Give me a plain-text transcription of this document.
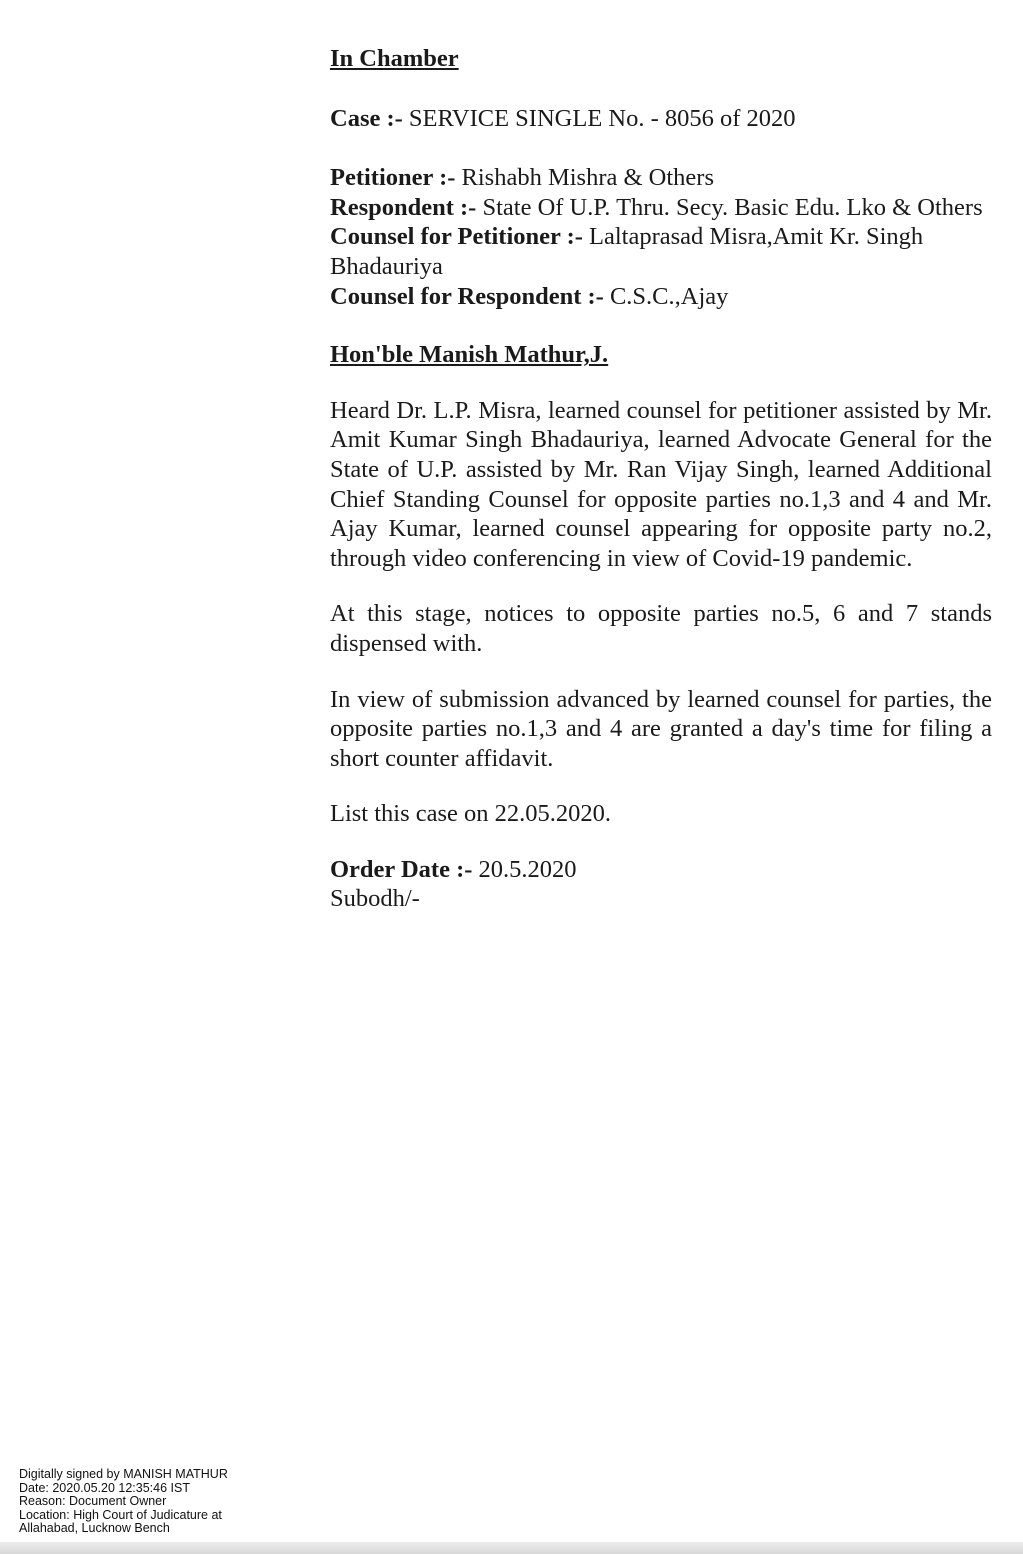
In Chamber

Case :- SERVICE SINGLE No. - 8056 of 2020

Petitioner :- Rishabh Mishra & Others

Respondent :- State Of U.P. Thru. Secy. Basic Edu. Lko & Others

Counsel for Petitioner :- Laltaprasad Misra,Amit Kr. Singh Bhadauriya

Counsel for Respondent :- C.S.C.,Ajay

Hon'ble Manish Mathur,J.

Heard Dr. L.P. Misra, learned counsel for petitioner assisted by Mr. Amit Kumar Singh Bhadauriya, learned Advocate General for the State of U.P. assisted by Mr. Ran Vijay Singh, learned Additional Chief Standing Counsel for opposite parties no.1,3 and 4 and Mr. Ajay Kumar, learned counsel appearing for opposite party no.2, through video conferencing in view of Covid-19 pandemic.

At this stage, notices to opposite parties no.5, 6 and 7 stands dispensed with.

In view of submission advanced by learned counsel for parties, the opposite parties no.1,3 and 4 are granted a day's time for filing a short counter affidavit.

List this case on 22.05.2020.

Order Date :- 20.5.2020

Subodh/-

Digitally signed by MANISH MATHUR
Date: 2020.05.20 12:35:46 IST
Reason: Document Owner
Location: High Court of Judicature at
Allahabad, Lucknow Bench
